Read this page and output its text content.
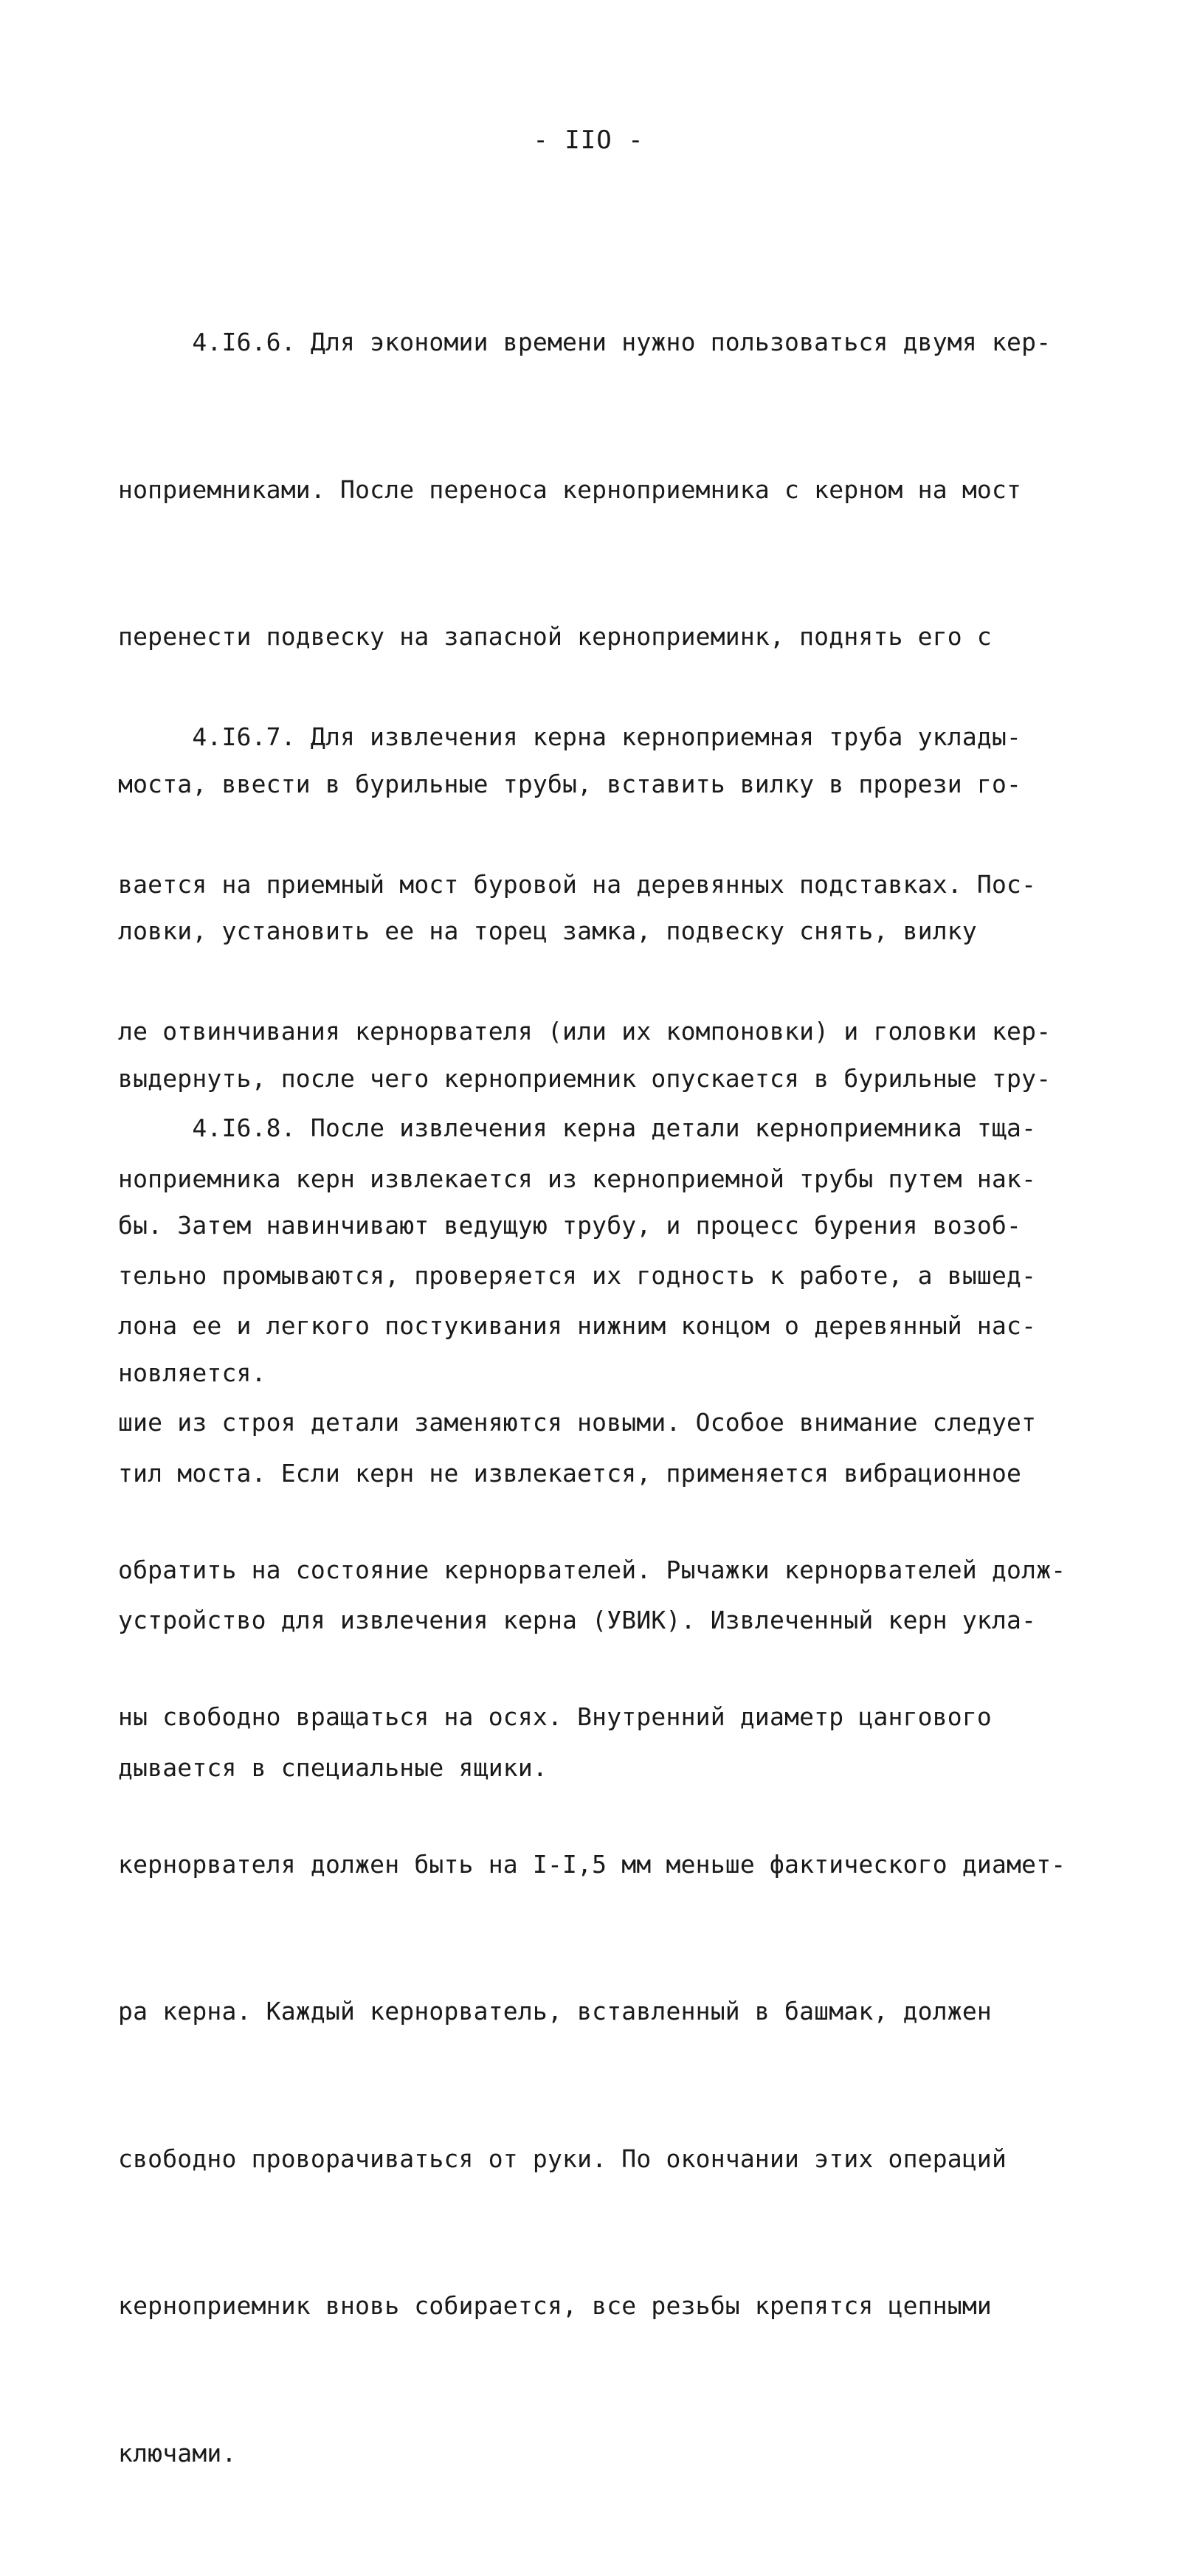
- IIO -

4.I6.6. Для экономии времени нужно пользоваться двумя кер-

ноприемниками. После переноса керноприемника с керном на мост

перенести подвеску на запасной керноприеминк, поднять его с

моста, ввести в бурильные трубы, вставить вилку в прорези го-

ловки, установить ее на торец замка, подвеску снять, вилку

выдернуть, после чего керноприемник опускается в бурильные тру-

бы. Затем навинчивают ведущую трубу, и процесс бурения возоб-

новляется.

4.I6.7. Для извлечения керна керноприемная труба уклады-

вается на приемный мост буровой на деревянных подставках. Пос-

ле отвинчивания кернорвателя (или их компоновки) и головки кер-

ноприемника керн извлекается из керноприемной трубы путем нак-

лона ее и легкого постукивания нижним концом о деревянный нас-

тил моста. Если керн не извлекается, применяется вибрационное

устройство для извлечения керна (УВИК). Извлеченный керн укла-

дывается в специальные ящики.

4.I6.8. После извлечения керна детали керноприемника тща-

тельно промываются, проверяется их годность к работе, а вышед-

шие из строя детали заменяются новыми. Особое внимание следует

обратить на состояние кернорвателей. Рычажки кернорвателей долж-

ны свободно вращаться на осях. Внутренний диаметр цангового

кернорвателя должен быть на I-I,5 мм меньше фактического диамет-

ра керна. Каждый кернорватель, вставленный в башмак, должен

свободно проворачиваться от руки. По окончании этих операций

керноприемник вновь собирается, все резьбы крепятся цепными

ключами.
